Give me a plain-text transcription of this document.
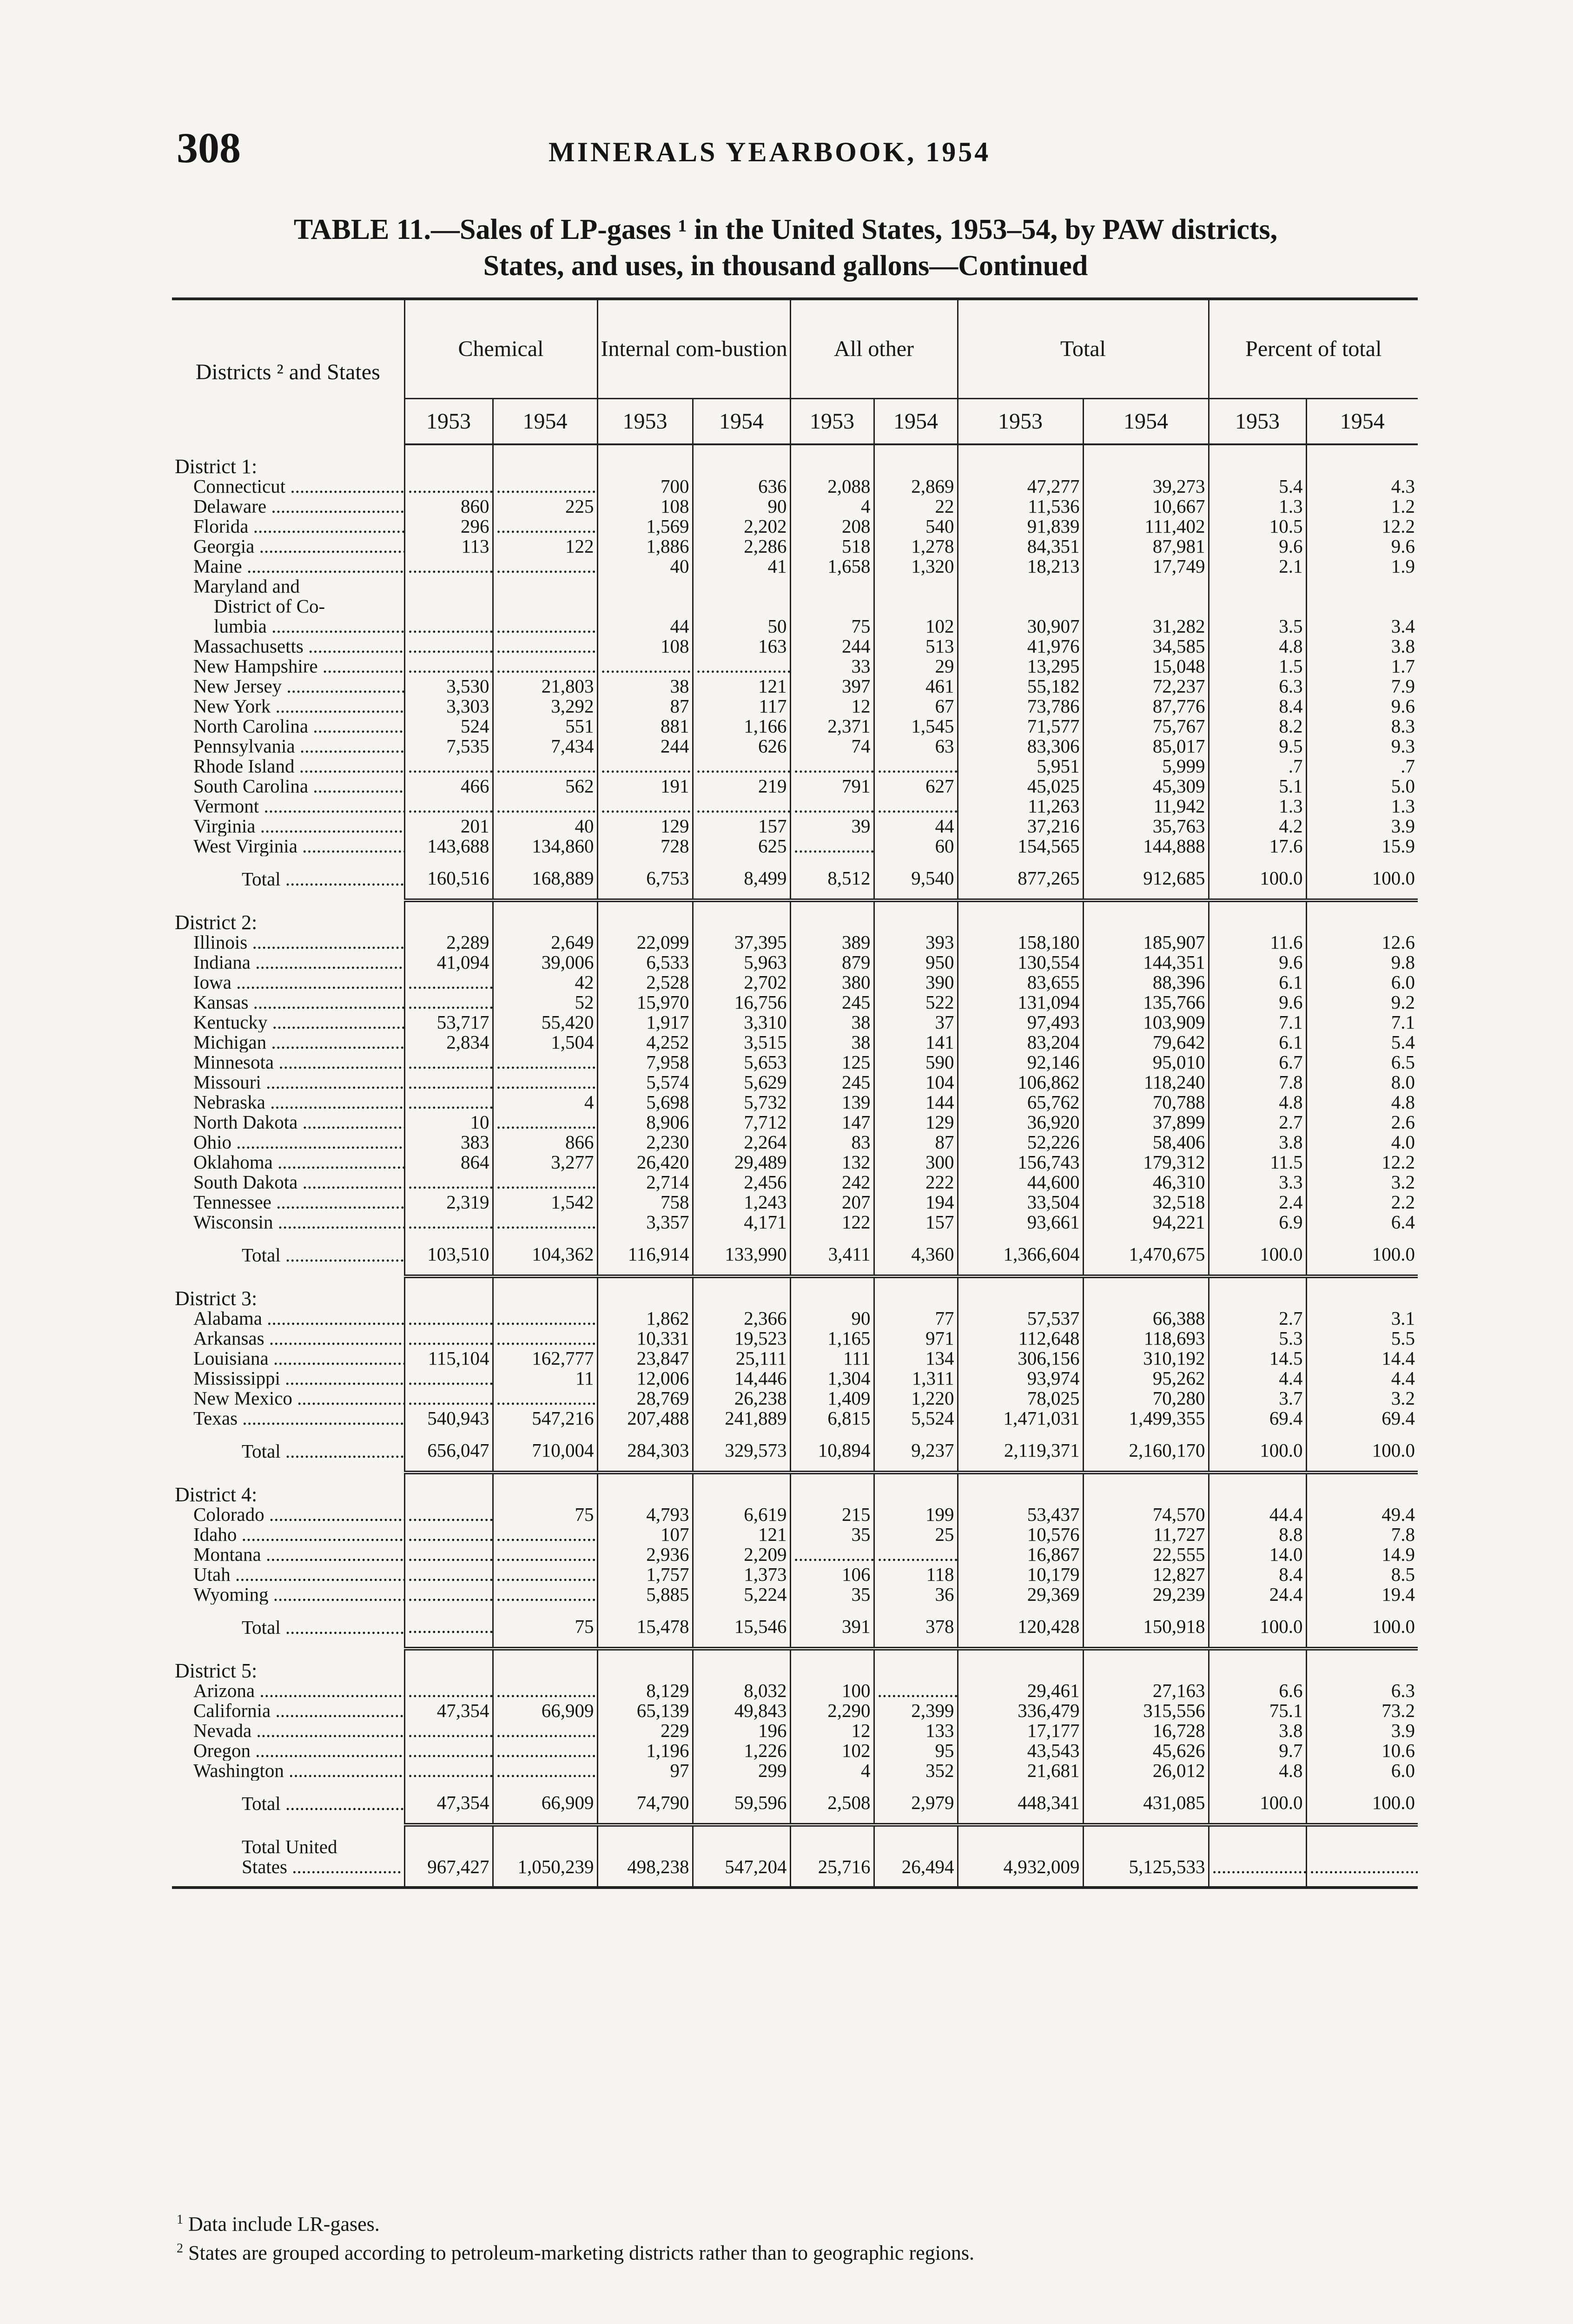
308	MINERALS YEARBOOK, 1954
TABLE 11.—Sales of LP-gases ¹ in the United States, 1953–54, by PAW districts,
States, and uses, in thousand gallons—Continued
Districts ² and States	Chemical		Internal com-bustion		All other		Total		Percent of total	
	1953	1954	1953	1954	1953	1954	1953	1954	1953	1954
District 1:										
Connecticut .....	.....	.....	700	636	2,088	2,869	47,277	39,273	5.4	4.3
Delaware .....	860	225	108	90	4	22	11,536	10,667	1.3	1.2
Florida .....	296	.....	1,569	2,202	208	540	91,839	111,402	10.5	12.2
Georgia .....	113	122	1,886	2,286	518	1,278	84,351	87,981	9.6	9.6
Maine .....	.....	.....	40	41	1,658	1,320	18,213	17,749	2.1	1.9
Maryland and										
District of Co-										
lumbia .....	.....	.....	44	50	75	102	30,907	31,282	3.5	3.4
Massachusetts .....	.....	.....	108	163	244	513	41,976	34,585	4.8	3.8
New Hampshire .....	.....	.....	.....	.....	33	29	13,295	15,048	1.5	1.7
New Jersey .....	3,530	21,803	38	121	397	461	55,182	72,237	6.3	7.9
New York .....	3,303	3,292	87	117	12	67	73,786	87,776	8.4	9.6
North Carolina .....	524	551	881	1,166	2,371	1,545	71,577	75,767	8.2	8.3
Pennsylvania .....	7,535	7,434	244	626	74	63	83,306	85,017	9.5	9.3
Rhode Island .....	.....	.....	.....	.....	.....	.....	5,951	5,999	.7	.7
South Carolina .....	466	562	191	219	791	627	45,025	45,309	5.1	5.0
Vermont .....	.....	.....	.....	.....	.....	.....	11,263	11,942	1.3	1.3
Virginia .....	201	40	129	157	39	44	37,216	35,763	4.2	3.9
West Virginia .....	143,688	134,860	728	625	.....	60	154,565	144,888	17.6	15.9
Total .....	160,516	168,889	6,753	8,499	8,512	9,540	877,265	912,685	100.0	100.0
District 2:										
Illinois .....	2,289	2,649	22,099	37,395	389	393	158,180	185,907	11.6	12.6
Indiana .....	41,094	39,006	6,533	5,963	879	950	130,554	144,351	9.6	9.8
Iowa .....	.....	42	2,528	2,702	380	390	83,655	88,396	6.1	6.0
Kansas .....	.....	52	15,970	16,756	245	522	131,094	135,766	9.6	9.2
Kentucky .....	53,717	55,420	1,917	3,310	38	37	97,493	103,909	7.1	7.1
Michigan .....	2,834	1,504	4,252	3,515	38	141	83,204	79,642	6.1	5.4
Minnesota .....	.....	.....	7,958	5,653	125	590	92,146	95,010	6.7	6.5
Missouri .....	.....	.....	5,574	5,629	245	104	106,862	118,240	7.8	8.0
Nebraska .....	.....	4	5,698	5,732	139	144	65,762	70,788	4.8	4.8
North Dakota .....	10	.....	8,906	7,712	147	129	36,920	37,899	2.7	2.6
Ohio .....	383	866	2,230	2,264	83	87	52,226	58,406	3.8	4.0
Oklahoma .....	864	3,277	26,420	29,489	132	300	156,743	179,312	11.5	12.2
South Dakota .....	.....	.....	2,714	2,456	242	222	44,600	46,310	3.3	3.2
Tennessee .....	2,319	1,542	758	1,243	207	194	33,504	32,518	2.4	2.2
Wisconsin .....	.....	.....	3,357	4,171	122	157	93,661	94,221	6.9	6.4
Total .....	103,510	104,362	116,914	133,990	3,411	4,360	1,366,604	1,470,675	100.0	100.0
District 3:										
Alabama .....	.....	.....	1,862	2,366	90	77	57,537	66,388	2.7	3.1
Arkansas .....	.....	.....	10,331	19,523	1,165	971	112,648	118,693	5.3	5.5
Louisiana .....	115,104	162,777	23,847	25,111	111	134	306,156	310,192	14.5	14.4
Mississippi .....	.....	11	12,006	14,446	1,304	1,311	93,974	95,262	4.4	4.4
New Mexico .....	.....	.....	28,769	26,238	1,409	1,220	78,025	70,280	3.7	3.2
Texas .....	540,943	547,216	207,488	241,889	6,815	5,524	1,471,031	1,499,355	69.4	69.4
Total .....	656,047	710,004	284,303	329,573	10,894	9,237	2,119,371	2,160,170	100.0	100.0
District 4:										
Colorado .....	.....	75	4,793	6,619	215	199	53,437	74,570	44.4	49.4
Idaho .....	.....	.....	107	121	35	25	10,576	11,727	8.8	7.8
Montana .....	.....	.....	2,936	2,209	.....	.....	16,867	22,555	14.0	14.9
Utah .....	.....	.....	1,757	1,373	106	118	10,179	12,827	8.4	8.5
Wyoming .....	.....	.....	5,885	5,224	35	36	29,369	29,239	24.4	19.4
Total .....	.....	75	15,478	15,546	391	378	120,428	150,918	100.0	100.0
District 5:										
Arizona .....	.....	.....	8,129	8,032	100	.....	29,461	27,163	6.6	6.3
California .....	47,354	66,909	65,139	49,843	2,290	2,399	336,479	315,556	75.1	73.2
Nevada .....	.....	.....	229	196	12	133	17,177	16,728	3.8	3.9
Oregon .....	.....	.....	1,196	1,226	102	95	43,543	45,626	9.7	10.6
Washington .....	.....	.....	97	299	4	352	21,681	26,012	4.8	6.0
Total .....	47,354	66,909	74,790	59,596	2,508	2,979	448,341	431,085	100.0	100.0

Total United
States .....	967,427	1,050,239	498,238	547,204	25,716	26,494	4,932,009	5,125,533	.....	.....
$^1$ Data include LR-gases.
$^2$ States are grouped according to petroleum-marketing districts rather than to geographic regions.
